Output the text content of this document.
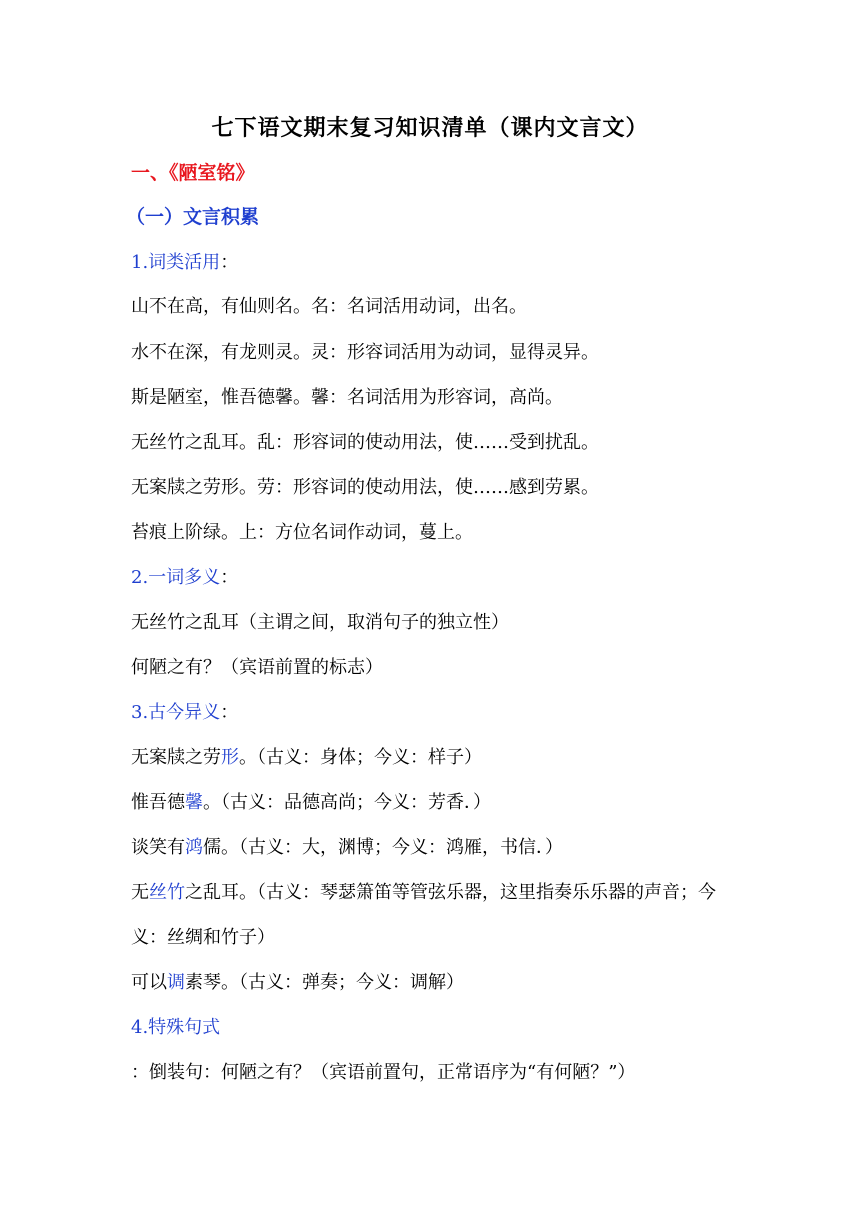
七下语文期末复习知识清单（课内文言文）
一、《陋室铭》
（一）文言积累
1.词类活用：
山不在高，有仙则名。名：名词活用动词，出名。
水不在深，有龙则灵。灵：形容词活用为动词，显得灵异。
斯是陋室，惟吾德馨。馨：名词活用为形容词，高尚。
无丝竹之乱耳。乱：形容词的使动用法，使……受到扰乱。
无案牍之劳形。劳：形容词的使动用法，使……感到劳累。
苔痕上阶绿。上：方位名词作动词，蔓上。
2.一词多义：
无丝竹之乱耳（主谓之间，取消句子的独立性）
何陋之有？（宾语前置的标志）
3.古今异义：
无案牍之劳形。（古义：身体；今义：样子）
惟吾德馨。（古义：品德高尚；今义：芳香．）
谈笑有鸿儒。（古义：大，渊博；今义：鸿雁，书信．）
无丝竹之乱耳。（古义：琴瑟箫笛等管弦乐器，这里指奏乐乐器的声音；今义：丝绸和竹子）
可以调素琴。（古义：弹奏；今义：调解）
4.特殊句式：倒装句：何陋之有？（宾语前置句，正常语序为“有何陋？”）
